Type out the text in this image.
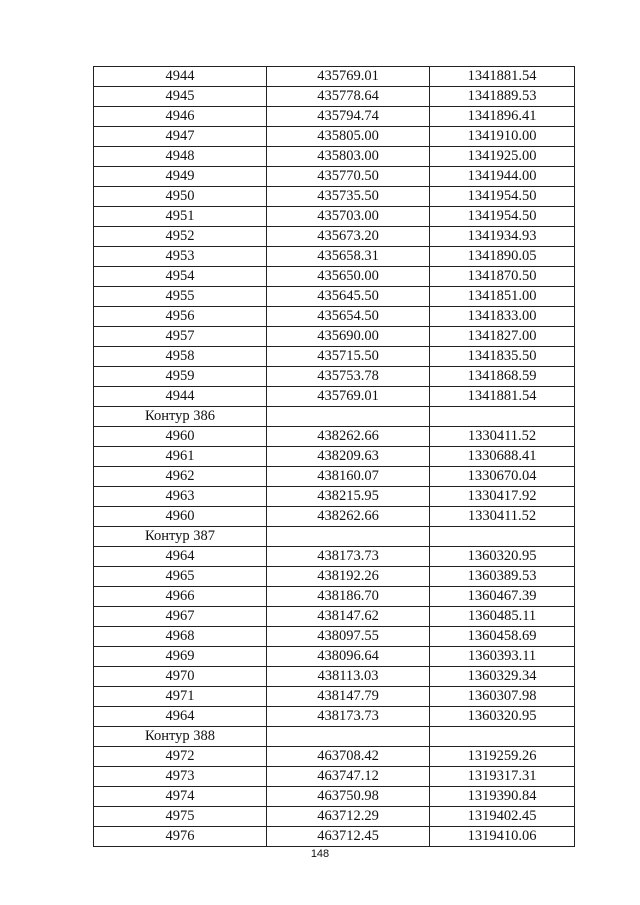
4944	435769.01	1341881.54
4945	435778.64	1341889.53
4946	435794.74	1341896.41
4947	435805.00	1341910.00
4948	435803.00	1341925.00
4949	435770.50	1341944.00
4950	435735.50	1341954.50
4951	435703.00	1341954.50
4952	435673.20	1341934.93
4953	435658.31	1341890.05
4954	435650.00	1341870.50
4955	435645.50	1341851.00
4956	435654.50	1341833.00
4957	435690.00	1341827.00
4958	435715.50	1341835.50
4959	435753.78	1341868.59
4944	435769.01	1341881.54
Контур 386		
4960	438262.66	1330411.52
4961	438209.63	1330688.41
4962	438160.07	1330670.04
4963	438215.95	1330417.92
4960	438262.66	1330411.52
Контур 387		
4964	438173.73	1360320.95
4965	438192.26	1360389.53
4966	438186.70	1360467.39
4967	438147.62	1360485.11
4968	438097.55	1360458.69
4969	438096.64	1360393.11
4970	438113.03	1360329.34
4971	438147.79	1360307.98
4964	438173.73	1360320.95
Контур 388		
4972	463708.42	1319259.26
4973	463747.12	1319317.31
4974	463750.98	1319390.84
4975	463712.29	1319402.45
4976	463712.45	1319410.06
148
